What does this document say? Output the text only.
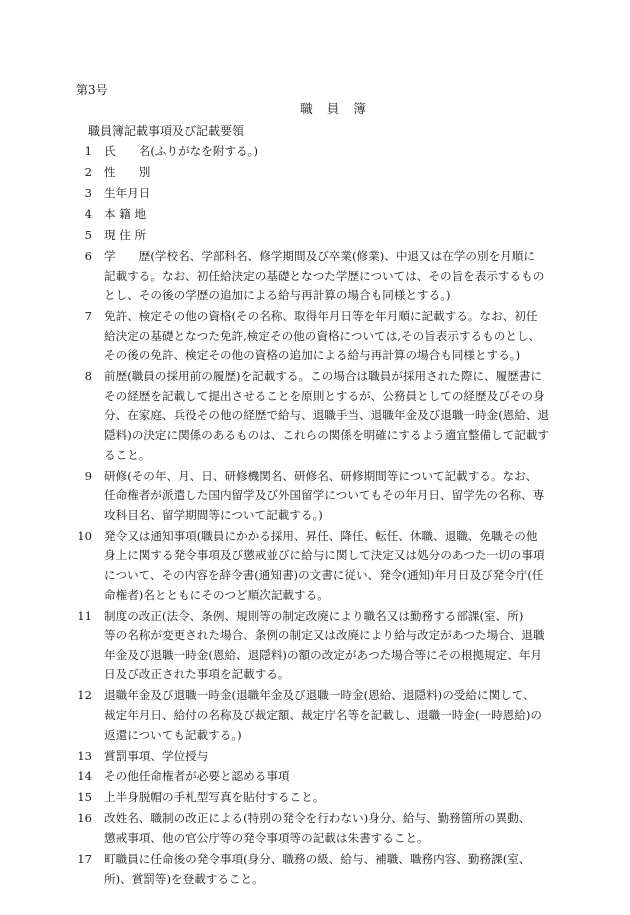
第3号
職員簿
職員簿記載事項及び記載要領
1	氏　　名(ふりがなを附する。)
2	性　　別
3	生年月日
4	本 籍 地
5	現 住 所
6	学　　歴(学校名、学部科名、修学期間及び卒業(修業)、中退又は在学の別を月順に
記載する。なお、初任給決定の基礎となつた学歴については、その旨を表示するもの
とし、その後の学歴の追加による給与再計算の場合も同様とする。)
7	免許、検定その他の資格(その名称、取得年月日等を年月順に記載する。なお、初任
給決定の基礎となつた免許,検定その他の資格については,その旨表示するものとし、
その後の免許、検定その他の資格の追加による給与再計算の場合も同様とする。)
8	前歴(職員の採用前の履歴)を記載する。この場合は職員が採用された際に、履歴書に
その経歴を記載して提出させることを原則とするが、公務員としての経歴及びその身
分、在家庭、兵役その他の経歴で給与、退職手当、退職年金及び退職一時金(恩給、退
隠料)の決定に関係のあるものは、これらの関係を明確にするよう適宜整備して記載す
ること。
9	研修(その年、月、日、研修機関名、研修名、研修期間等について記載する。なお、
任命権者が派遣した国内留学及び外国留学についてもその年月日、留学先の名称、専
攻科目名、留学期間等について記載する。)
10	発令又は通知事項(職員にかかる採用、昇任、降任、転任、休職、退職、免職その他
身上に関する発令事項及び懲戒並びに給与に関して決定又は処分のあつた一切の事項
について、その内容を辞令書(通知書)の文書に従い、発令(通知)年月日及び発令庁(任
命権者)名とともにそのつど順次記載する。
11	制度の改正(法令、条例、規則等の制定改廃により職名又は勤務する部課(室、所)
等の名称が変更された場合、条例の制定又は改廃により給与改定があつた場合、退職
年金及び退職一時金(恩給、退隠料)の額の改定があつた場合等にその根拠規定、年月
日及び改正された事項を記載する。
12	退職年金及び退職一時金(退職年金及び退職一時金(恩給、退隠料)の受給に関して、
裁定年月日、給付の名称及び裁定額、裁定庁名等を記載し、退職一時金(一時恩給)の
返還についても記載する。)
13	賞罰事項、学位授与
14	その他任命権者が必要と認める事項
15	上半身脱帽の手札型写真を貼付すること。
16	改姓名、職制の改正による(特別の発令を行わない)身分、給与、勤務箇所の異動、
懲戒事項、他の官公庁等の発令事項等の記載は朱書すること。
17	町職員に任命後の発令事項(身分、職務の級、給与、補職、職務内容、勤務課(室、
所)、賞罰等)を登載すること。
